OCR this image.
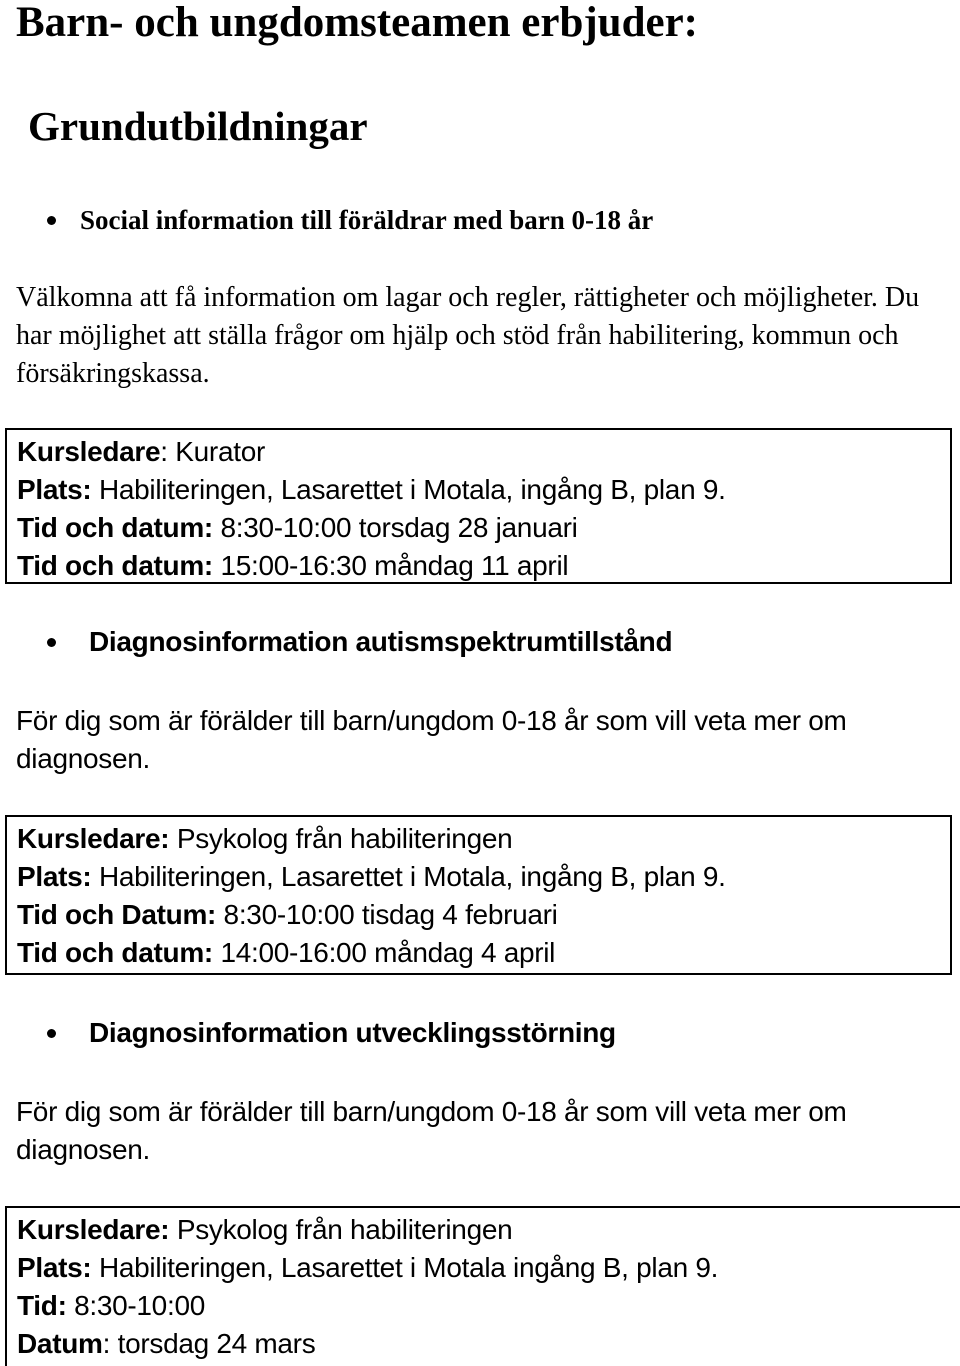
Barn- och ungdomsteamen erbjuder:
Grundutbildningar
Social information till föräldrar med barn 0-18 år
Välkomna att få information om lagar och regler, rättigheter och möjligheter. Du har möjlighet att ställa frågor om hjälp och stöd från habilitering, kommun och försäkringskassa.
Kursledare: Kurator
Plats: Habiliteringen, Lasarettet i Motala, ingång B, plan 9.
Tid och datum: 8:30-10:00 torsdag 28 januari
Tid och datum: 15:00-16:30 måndag 11 april
Diagnosinformation autismspektrumtillstånd
För dig som är förälder till barn/ungdom 0-18 år som vill veta mer om diagnosen.
Kursledare: Psykolog från habiliteringen
Plats: Habiliteringen, Lasarettet i Motala, ingång B, plan 9.
Tid och Datum: 8:30-10:00 tisdag 4 februari
Tid och datum: 14:00-16:00 måndag 4 april
Diagnosinformation utvecklingsstörning
För dig som är förälder till barn/ungdom 0-18 år som vill veta mer om diagnosen.
Kursledare: Psykolog från habiliteringen
Plats: Habiliteringen, Lasarettet i Motala ingång B, plan 9.
Tid: 8:30-10:00
Datum: torsdag 24 mars
